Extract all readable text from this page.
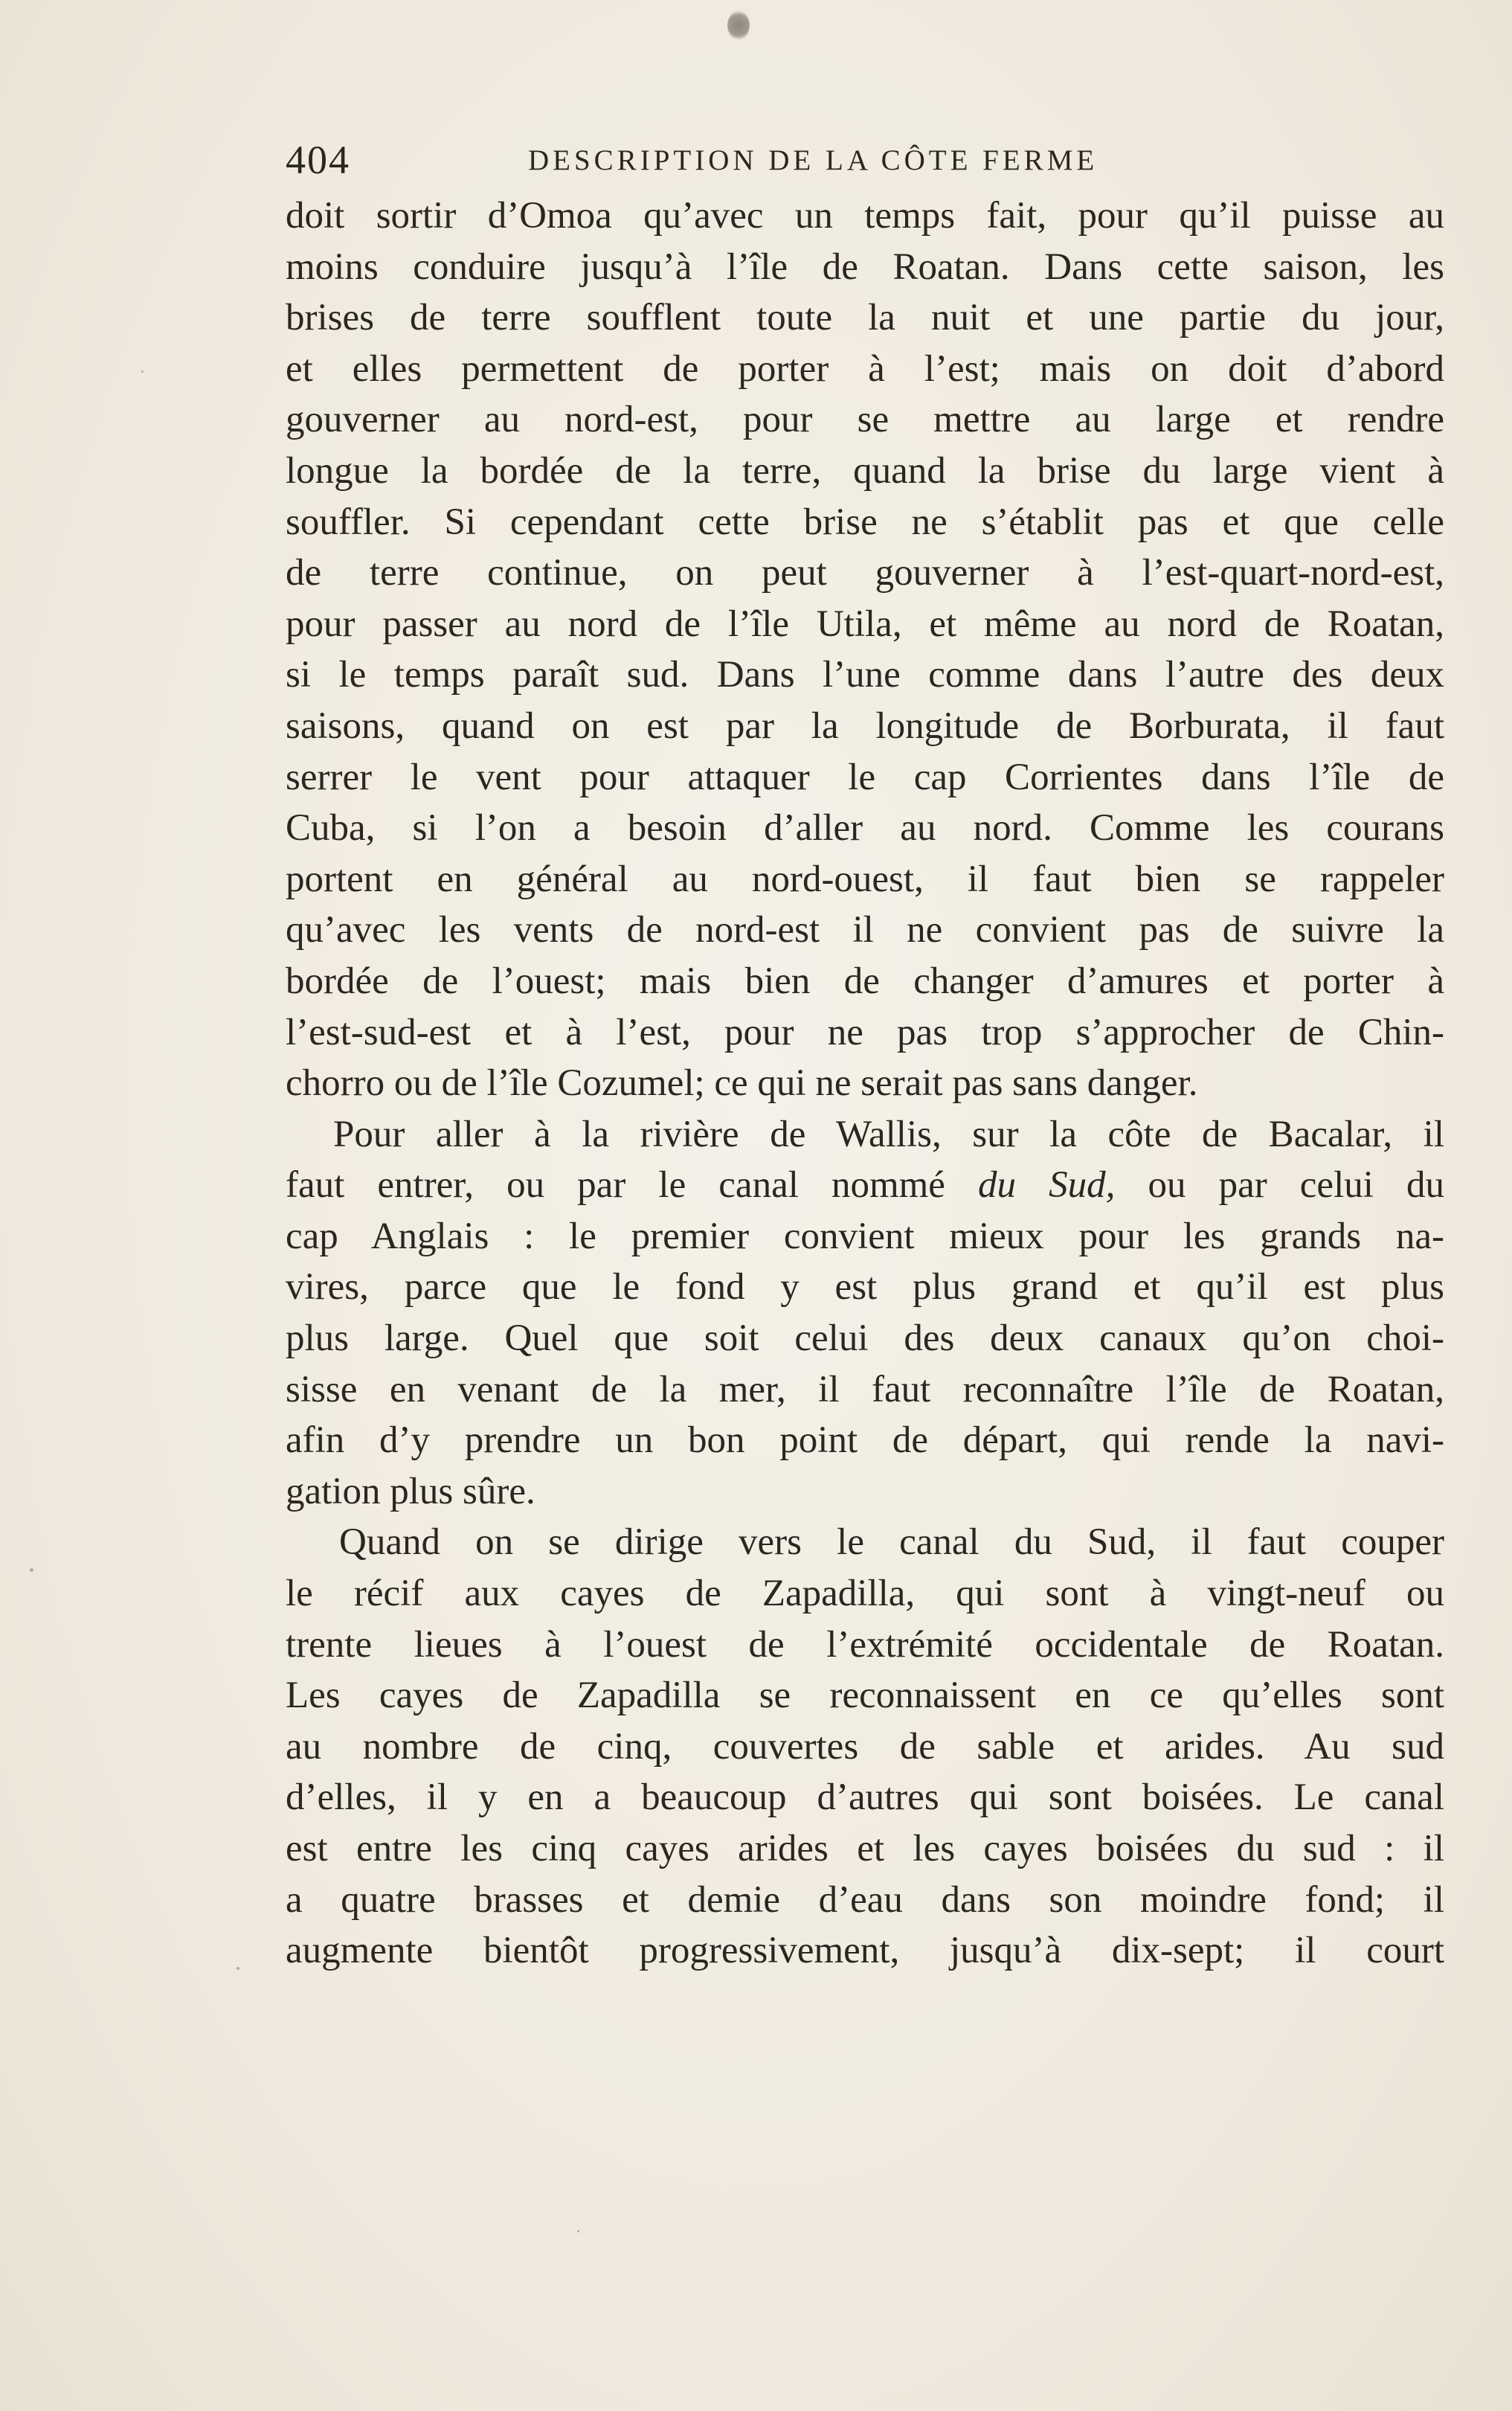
404	DESCRIPTION DE LA CÔTE FERME
doit sortir d’Omoa qu’avec un temps fait, pour qu’il puisse au
moins conduire jusqu’à l’île de Roatan. Dans cette saison, les
brises de terre soufflent toute la nuit et une partie du jour,
et elles permettent de porter à l’est; mais on doit d’abord
gouverner au nord-est, pour se mettre au large et rendre
longue la bordée de la terre, quand la brise du large vient à
souffler. Si cependant cette brise ne s’établit pas et que celle
de terre continue, on peut gouverner à l’est-quart-nord-est,
pour passer au nord de l’île Utila, et même au nord de Roatan,
si le temps paraît sud. Dans l’une comme dans l’autre des deux
saisons, quand on est par la longitude de Borburata, il faut
serrer le vent pour attaquer le cap Corrientes dans l’île de
Cuba, si l’on a besoin d’aller au nord. Comme les courans
portent en général au nord-ouest, il faut bien se rappeler
qu’avec les vents de nord-est il ne convient pas de suivre la
bordée de l’ouest; mais bien de changer d’amures et porter à
l’est-sud-est et à l’est, pour ne pas trop s’approcher de Chin-
chorro ou de l’île Cozumel; ce qui ne serait pas sans danger.
Pour aller à la rivière de Wallis, sur la côte de Bacalar, il
faut entrer, ou par le canal nommé du Sud, ou par celui du
cap Anglais : le premier convient mieux pour les grands na-
vires, parce que le fond y est plus grand et qu’il est plus
plus large. Quel que soit celui des deux canaux qu’on choi-
sisse en venant de la mer, il faut reconnaître l’île de Roatan,
afin d’y prendre un bon point de départ, qui rende la navi-
gation plus sûre.
Quand on se dirige vers le canal du Sud, il faut couper
le récif aux cayes de Zapadilla, qui sont à vingt-neuf ou
trente lieues à l’ouest de l’extrémité occidentale de Roatan.
Les cayes de Zapadilla se reconnaissent en ce qu’elles sont
au nombre de cinq, couvertes de sable et arides. Au sud
d’elles, il y en a beaucoup d’autres qui sont boisées. Le canal
est entre les cinq cayes arides et les cayes boisées du sud : il
a quatre brasses et demie d’eau dans son moindre fond; il
augmente bientôt progressivement, jusqu’à dix-sept; il court
